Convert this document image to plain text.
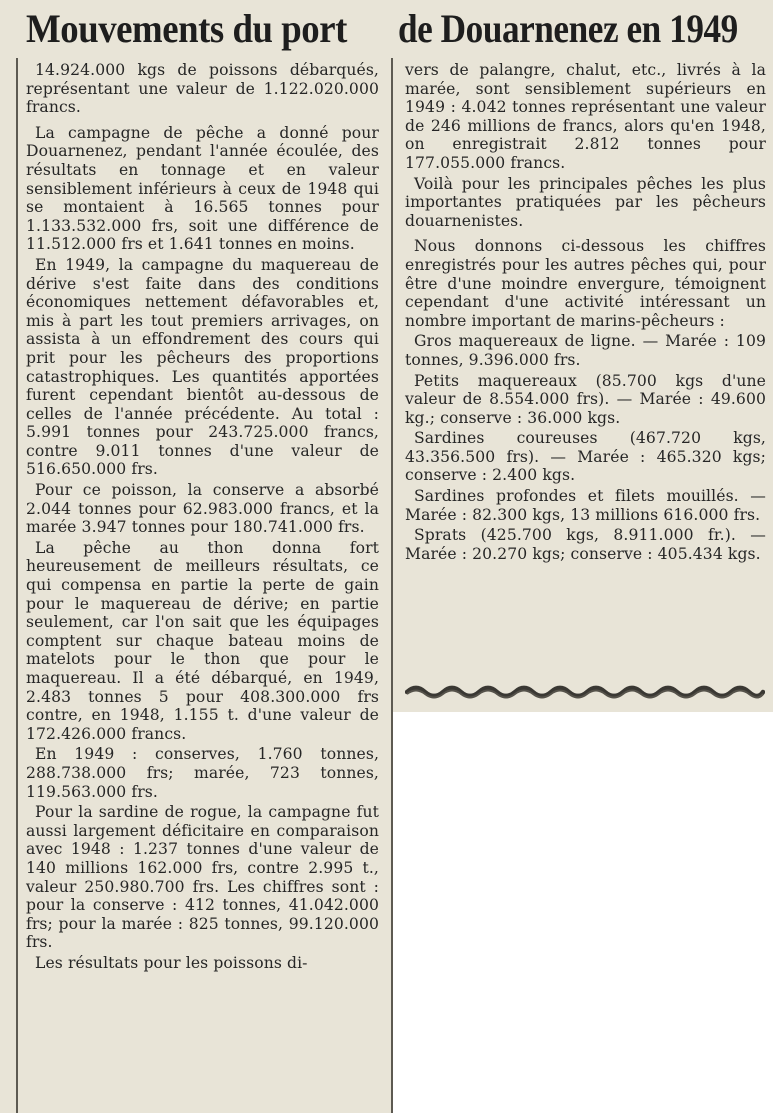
Mouvements du port de Douarnenez en 1949

14.924.000 kgs de poissons débarqués, représentant une valeur de 1.122.020.000 francs.

La campagne de pêche a donné pour Douarnenez, pendant l'année écoulée, des résultats en tonnage et en valeur sensiblement inférieurs à ceux de 1948 qui se montaient à 16.565 tonnes pour 1.133.532.000 frs, soit une différence de 11.512.000 frs et 1.641 tonnes en moins.

En 1949, la campagne du maquereau de dérive s'est faite dans des conditions économiques nettement défavorables et, mis à part les tout premiers arrivages, on assista à un effondrement des cours qui prit pour les pêcheurs des proportions catastrophiques. Les quantités apportées furent cependant bientôt au-dessous de celles de l'année précédente. Au total : 5.991 tonnes pour 243.725.000 francs, contre 9.011 tonnes d'une valeur de 516.650.000 frs.

Pour ce poisson, la conserve a absorbé 2.044 tonnes pour 62.983.000 francs, et la marée 3.947 tonnes pour 180.741.000 frs.

La pêche au thon donna fort heureusement de meilleurs résultats, ce qui compensa en partie la perte de gain pour le maquereau de dérive; en partie seulement, car l'on sait que les équipages comptent sur chaque bateau moins de matelots pour le thon que pour le maquereau. Il a été débarqué, en 1949, 2.483 tonnes 5 pour 408.300.000 frs contre, en 1948, 1.155 t. d'une valeur de 172.426.000 francs.

En 1949 : conserves, 1.760 tonnes, 288.738.000 frs; marée, 723 tonnes, 119.563.000 frs.

Pour la sardine de rogue, la campagne fut aussi largement déficitaire en comparaison avec 1948 : 1.237 tonnes d'une valeur de 140 millions 162.000 frs, contre 2.995 t., valeur 250.980.700 frs. Les chiffres sont : pour la conserve : 412 tonnes, 41.042.000 frs; pour la marée : 825 tonnes, 99.120.000 frs.

Les résultats pour les poissons di-

vers de palangre, chalut, etc., livrés à la marée, sont sensiblement supérieurs en 1949 : 4.042 tonnes représentant une valeur de 246 millions de francs, alors qu'en 1948, on enregistrait 2.812 tonnes pour 177.055.000 francs.

Voilà pour les principales pêches les plus importantes pratiquées par les pêcheurs douarnenistes.

Nous donnons ci-dessous les chiffres enregistrés pour les autres pêches qui, pour être d'une moindre envergure, témoignent cependant d'une activité intéressant un nombre important de marins-pêcheurs :

Gros maquereaux de ligne. — Marée : 109 tonnes, 9.396.000 frs.

Petits maquereaux (85.700 kgs d'une valeur de 8.554.000 frs). — Marée : 49.600 kg.; conserve : 36.000 kgs.

Sardines coureuses (467.720 kgs, 43.356.500 frs). — Marée : 465.320 kgs; conserve : 2.400 kgs.

Sardines profondes et filets mouillés. — Marée : 82.300 kgs, 13 millions 616.000 frs.

Sprats (425.700 kgs, 8.911.000 fr.). — Marée : 20.270 kgs; conserve : 405.434 kgs.
